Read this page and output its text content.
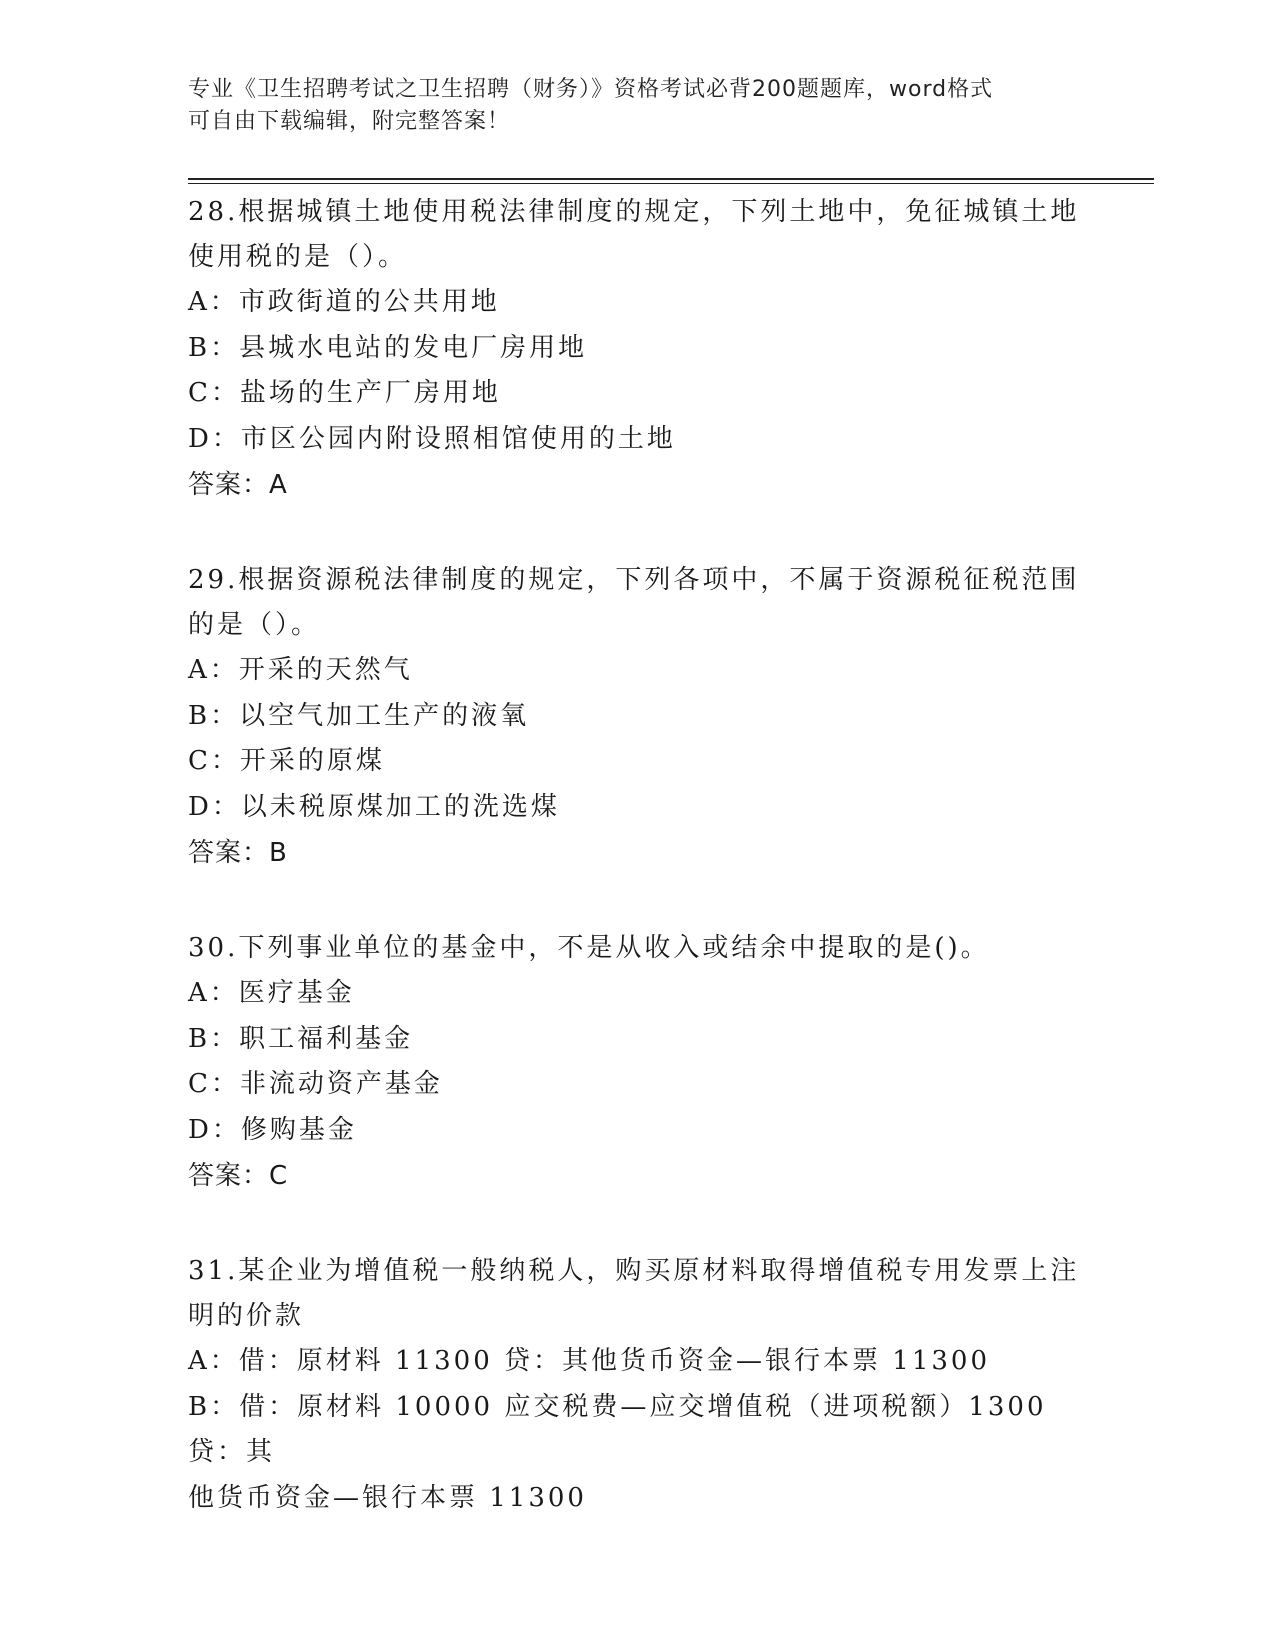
专业《卫生招聘考试之卫生招聘（财务）》资格考试必背200题题库，word格式
可自由下载编辑，附完整答案！

28.根据城镇土地使用税法律制度的规定，下列土地中，免征城镇土地

使用税的是（）。

A：市政街道的公共用地

B：县城水电站的发电厂房用地

C：盐场的生产厂房用地

D：市区公园内附设照相馆使用的土地

答案：A

29.根据资源税法律制度的规定，下列各项中，不属于资源税征税范围

的是（）。

A：开采的天然气

B：以空气加工生产的液氧

C：开采的原煤

D：以未税原煤加工的洗选煤

答案：B

30.下列事业单位的基金中，不是从收入或结余中提取的是()。

A：医疗基金

B：职工福利基金

C：非流动资产基金

D：修购基金

答案：C

31.某企业为增值税一般纳税人，购买原材料取得增值税专用发票上注

明的价款

A：借：原材料 11300 贷：其他货币资金—银行本票 11300

B：借：原材料 10000 应交税费—应交增值税（进项税额）1300 贷：其

他货币资金—银行本票 11300
